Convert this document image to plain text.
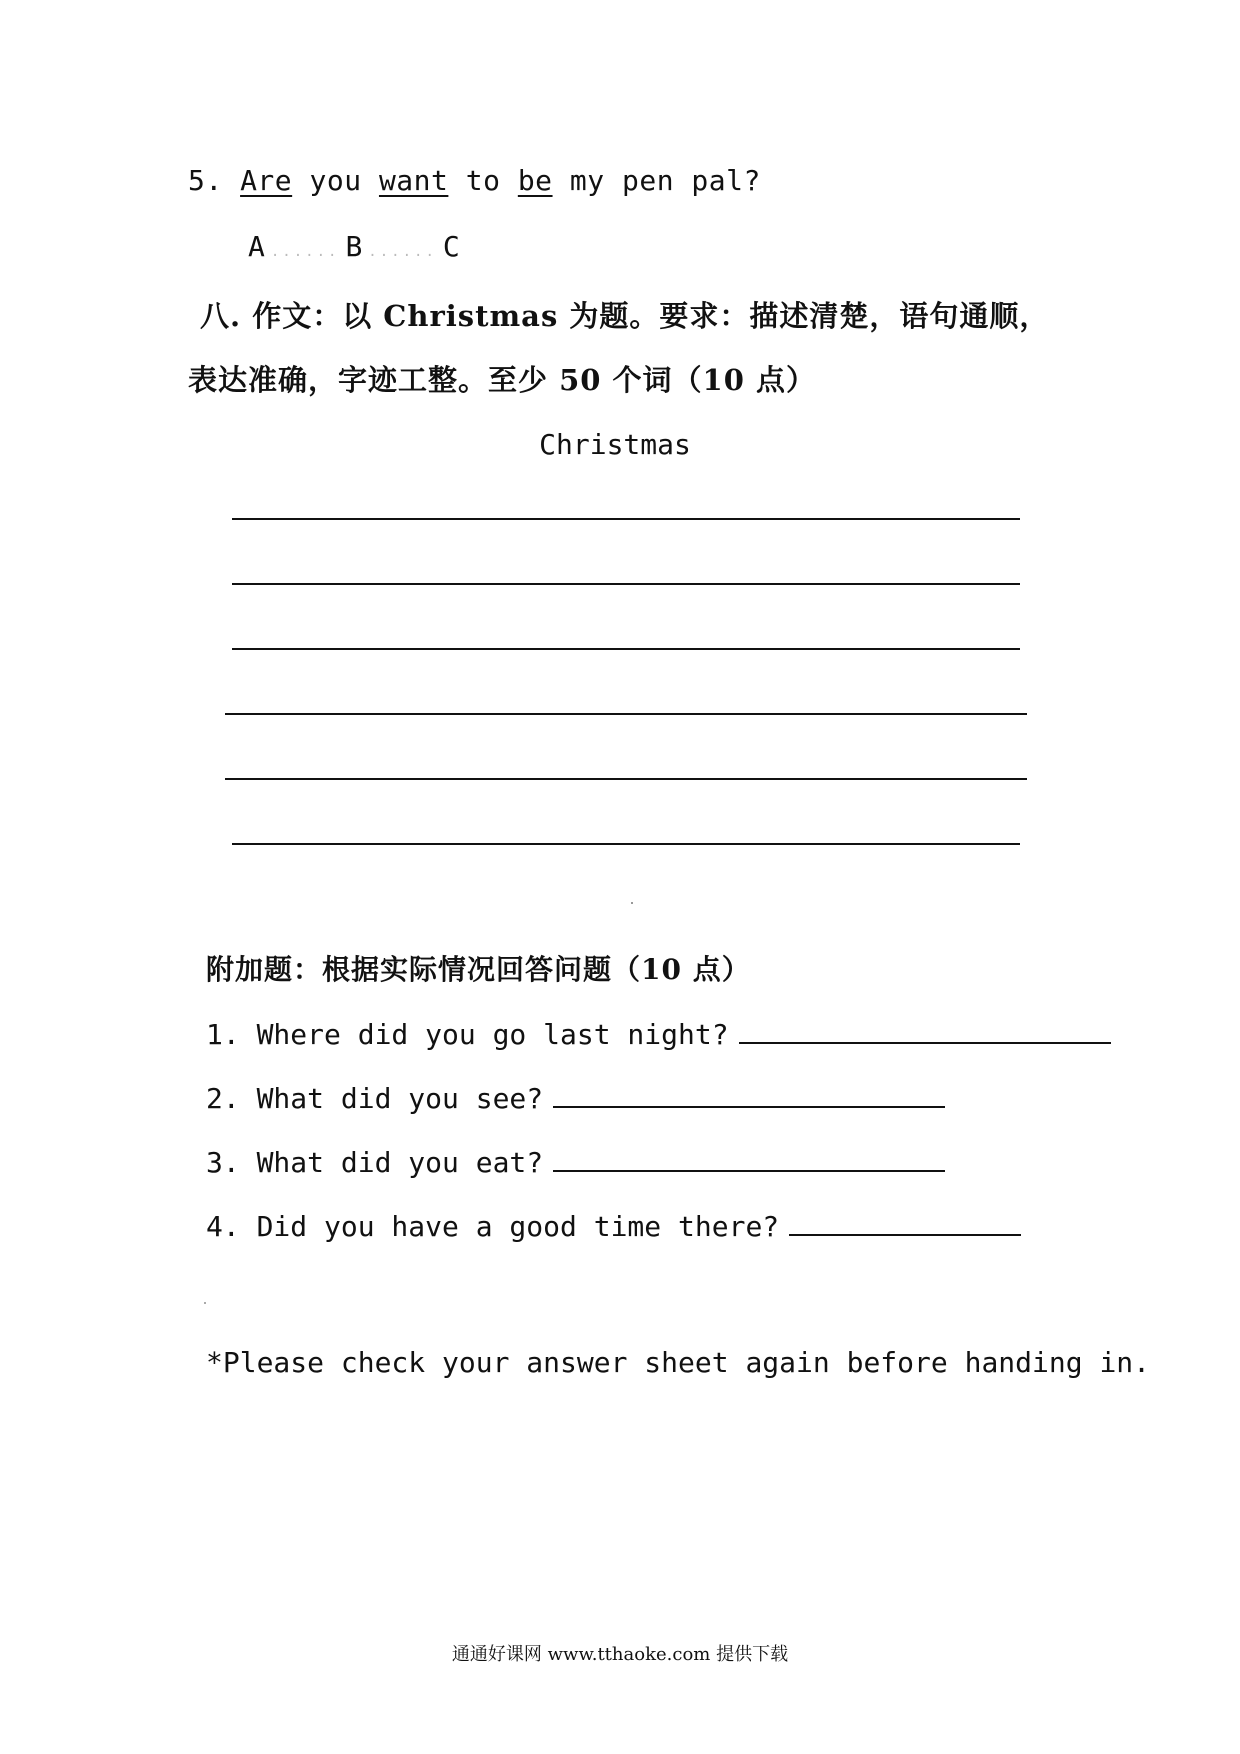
5. Are you want to be my pen pal?
A ...... B ...... C
八. 作文：以 Christmas 为题。要求：描述清楚，语句通顺，
表达准确，字迹工整。至少 50 个词（10 点）
Christmas
附加题：根据实际情况回答问题（10 点）
1. Where did you go last night?
2. What did you see?
3. What did you eat?
4. Did you have a good time there?
*Please check your answer sheet again before handing in.
通通好课网 www.tthaoke.com 提供下载
